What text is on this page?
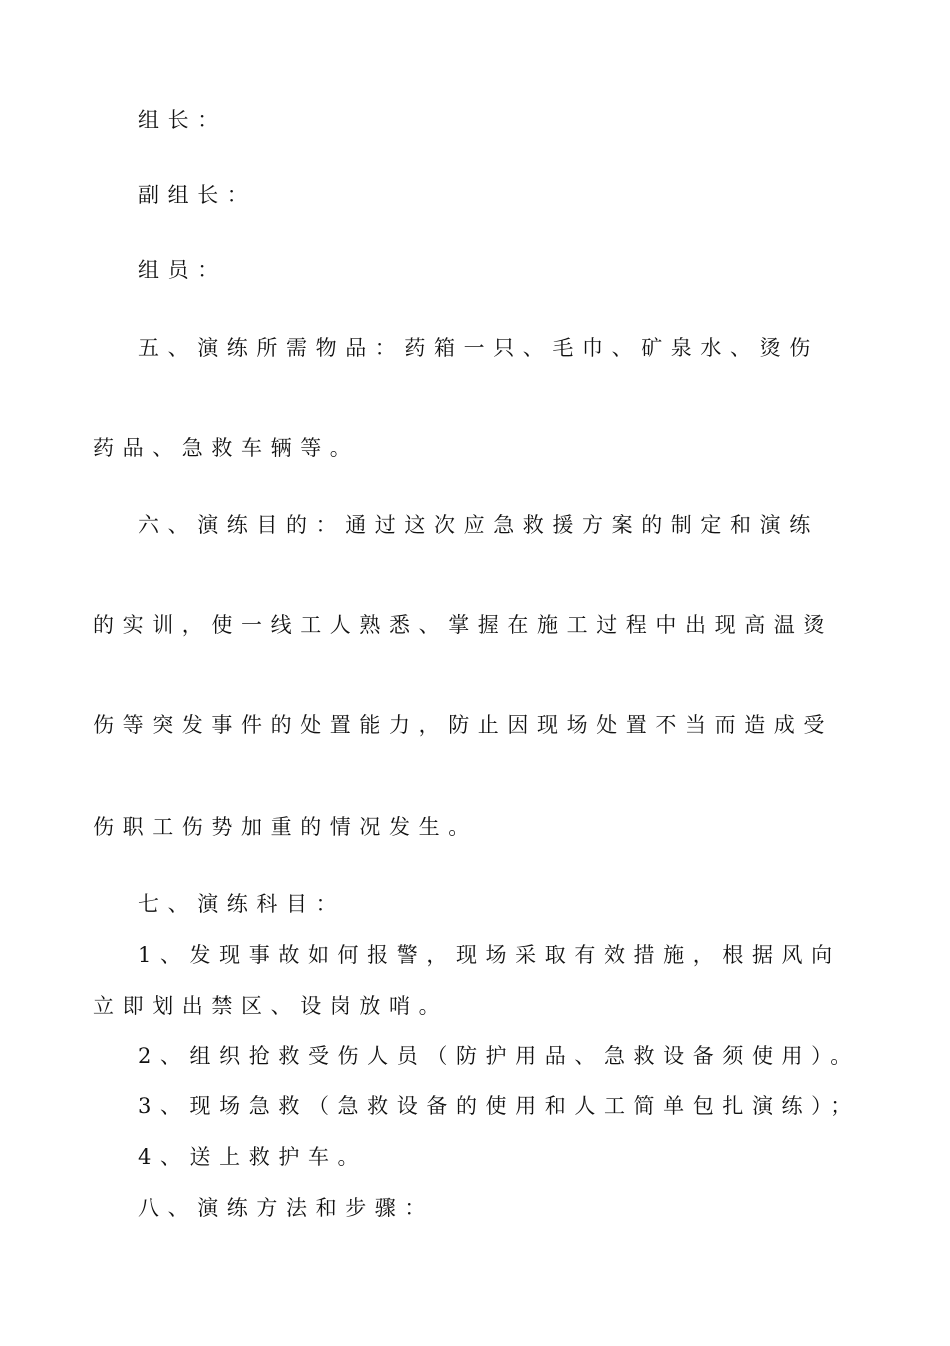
组长：
副组长：
组员：
五、演练所需物品：药箱一只、毛巾、矿泉水、烫伤
药品、急救车辆等。
六、演练目的：通过这次应急救援方案的制定和演练
的实训，使一线工人熟悉、掌握在施工过程中出现高温烫
伤等突发事件的处置能力，防止因现场处置不当而造成受
伤职工伤势加重的情况发生。
七、演练科目：
1、发现事故如何报警，现场采取有效措施，根据风向
立即划出禁区、设岗放哨。
2、组织抢救受伤人员（防护用品、急救设备须使用）。
3、现场急救（急救设备的使用和人工简单包扎演练）；
4、送上救护车。
八、演练方法和步骤：
